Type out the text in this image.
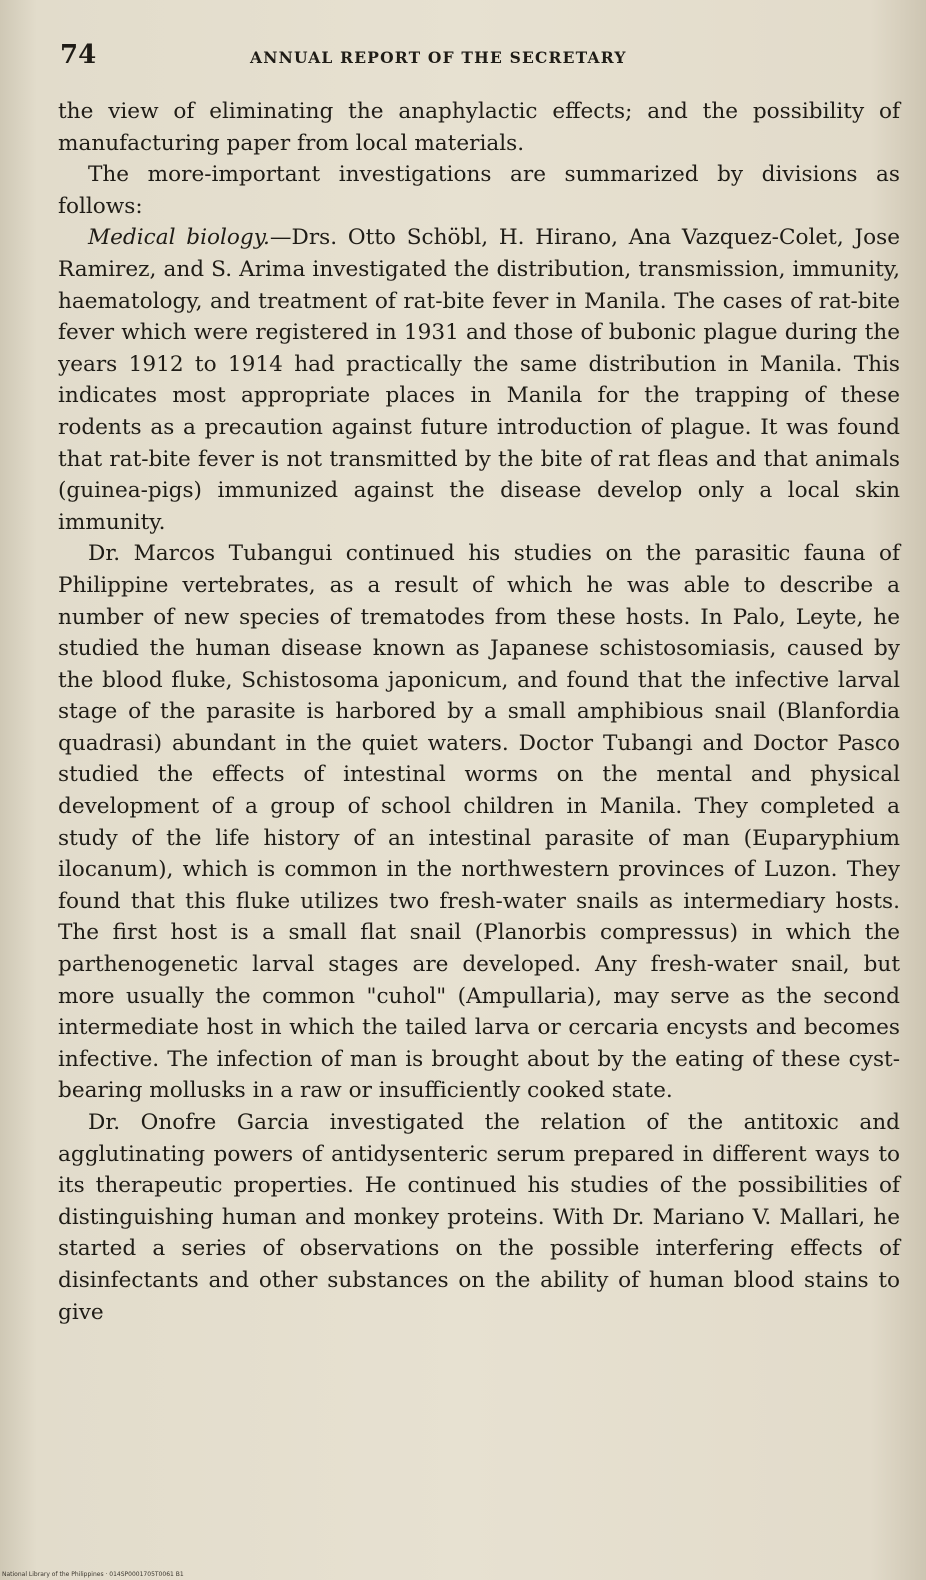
74	ANNUAL REPORT OF THE SECRETARY

the view of eliminating the anaphylactic effects; and the possibility of manufacturing paper from local materials.

The more-important investigations are summarized by divisions as follows:

Medical biology.—Drs. Otto Schöbl, H. Hirano, Ana Vazquez-Colet, Jose Ramirez, and S. Arima investigated the distribution, transmission, immunity, haematology, and treatment of rat-bite fever in Manila. The cases of rat-bite fever which were registered in 1931 and those of bubonic plague during the years 1912 to 1914 had practically the same distribution in Manila. This indicates most appropriate places in Manila for the trapping of these rodents as a precaution against future introduction of plague. It was found that rat-bite fever is not transmitted by the bite of rat fleas and that animals (guinea-pigs) immunized against the disease develop only a local skin immunity.

Dr. Marcos Tubangui continued his studies on the parasitic fauna of Philippine vertebrates, as a result of which he was able to describe a number of new species of trematodes from these hosts. In Palo, Leyte, he studied the human disease known as Japanese schistosomiasis, caused by the blood fluke, Schistosoma japonicum, and found that the infective larval stage of the parasite is harbored by a small amphibious snail (Blanfordia quadrasi) abundant in the quiet waters. Doctor Tubangi and Doctor Pasco studied the effects of intestinal worms on the mental and physical development of a group of school children in Manila. They completed a study of the life history of an intestinal parasite of man (Euparyphium ilocanum), which is common in the northwestern provinces of Luzon. They found that this fluke utilizes two fresh-water snails as intermediary hosts. The first host is a small flat snail (Planorbis compressus) in which the parthenogenetic larval stages are developed. Any fresh-water snail, but more usually the common "cuhol" (Ampullaria), may serve as the second intermediate host in which the tailed larva or cercaria encysts and becomes infective. The infection of man is brought about by the eating of these cyst-bearing mollusks in a raw or insufficiently cooked state.

Dr. Onofre Garcia investigated the relation of the antitoxic and agglutinating powers of antidysenteric serum prepared in different ways to its therapeutic properties. He continued his studies of the possibilities of distinguishing human and monkey proteins. With Dr. Mariano V. Mallari, he started a series of observations on the possible interfering effects of disinfectants and other substances on the ability of human blood stains to give

National Library of the Philippines · 014SP0001705T0061 B1
